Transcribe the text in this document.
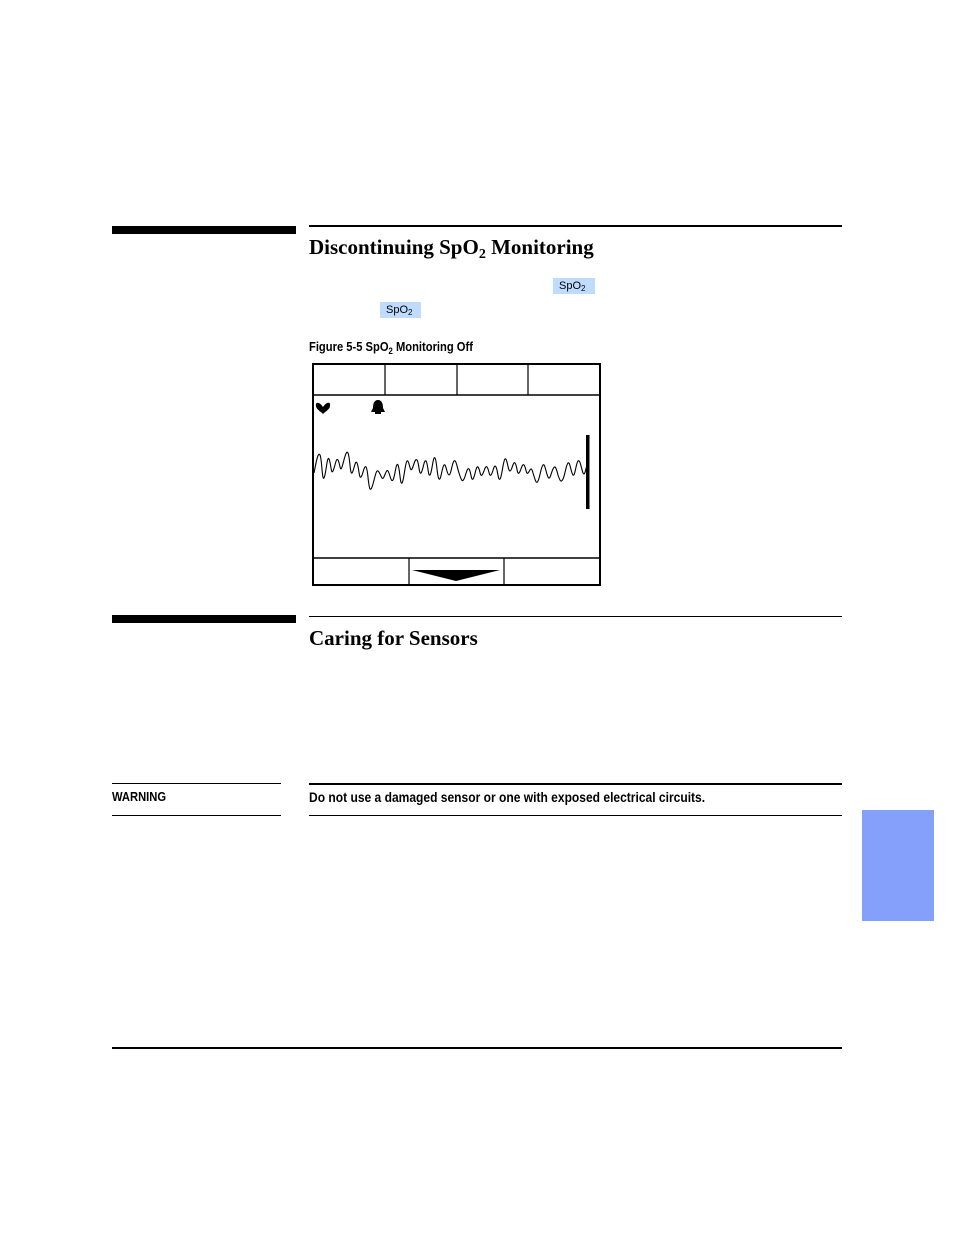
Discontinuing SpO$_2$ Monitoring
SpO$_2$
SpO$_2$

Figure 5-5 SpO$_2$ Monitoring Off

Caring for Sensors
WARNING	Do not use a damaged sensor or one with exposed electrical circuits.
